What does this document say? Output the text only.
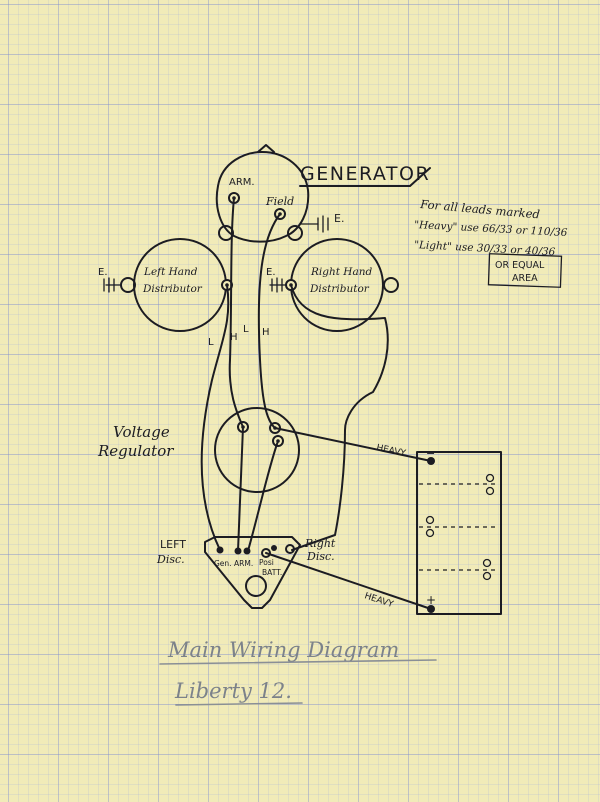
ARM.
Field
GENERATOR
E.
Left Hand
Distributor
E.	Right Hand
Distributor
E.
Voltage
Regulator
Gen. ARM. Posi
BATT.
LEFT
Disc.
Right
Disc.
−
+
HEAVY
HEAVY
L H
L H
For all leads marked
"Heavy" use 66/33 or 110/36
"Light" use 30/33 or 40/36
OR EQUAL
AREA
Main Wiring Diagram
Liberty 12.
